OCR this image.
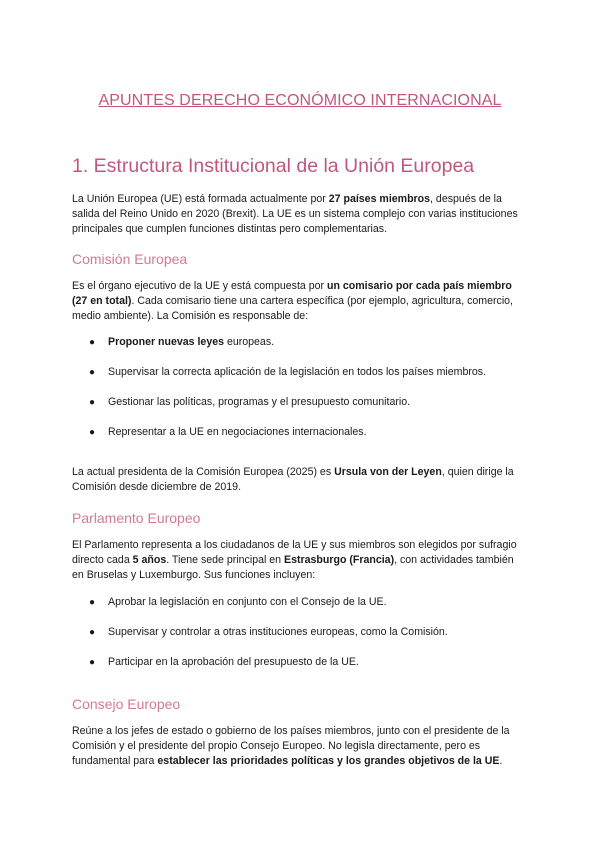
APUNTES DERECHO ECONÓMICO INTERNACIONAL
1. Estructura Institucional de la Unión Europea
La Unión Europea (UE) está formada actualmente por 27 países miembros, después de la salida del Reino Unido en 2020 (Brexit). La UE es un sistema complejo con varias instituciones principales que cumplen funciones distintas pero complementarias.
Comisión Europea
Es el órgano ejecutivo de la UE y está compuesta por un comisario por cada país miembro (27 en total). Cada comisario tiene una cartera específica (por ejemplo, agricultura, comercio, medio ambiente). La Comisión es responsable de:
● Proponer nuevas leyes europeas.
● Supervisar la correcta aplicación de la legislación en todos los países miembros.
● Gestionar las políticas, programas y el presupuesto comunitario.
● Representar a la UE en negociaciones internacionales.
La actual presidenta de la Comisión Europea (2025) es Ursula von der Leyen, quien dirige la Comisión desde diciembre de 2019.
Parlamento Europeo
El Parlamento representa a los ciudadanos de la UE y sus miembros son elegidos por sufragio directo cada 5 años. Tiene sede principal en Estrasburgo (Francia), con actividades también en Bruselas y Luxemburgo. Sus funciones incluyen:
● Aprobar la legislación en conjunto con el Consejo de la UE.
● Supervisar y controlar a otras instituciones europeas, como la Comisión.
● Participar en la aprobación del presupuesto de la UE.
Consejo Europeo
Reúne a los jefes de estado o gobierno de los países miembros, junto con el presidente de la Comisión y el presidente del propio Consejo Europeo. No legisla directamente, pero es fundamental para establecer las prioridades políticas y los grandes objetivos de la UE.
